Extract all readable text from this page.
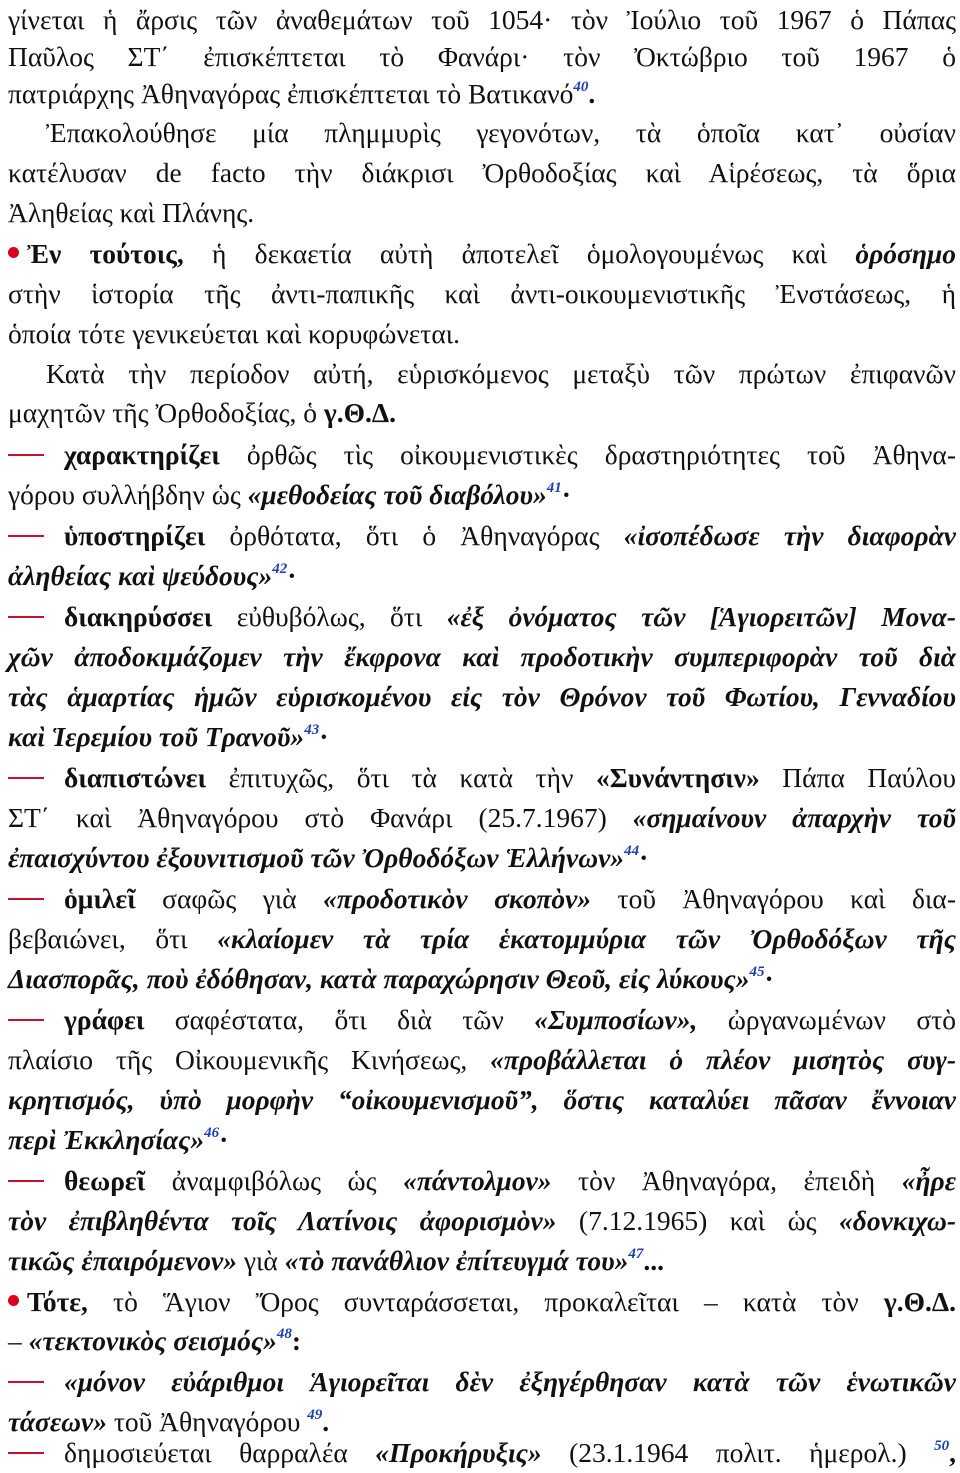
γίνεται ἡ ἄρσις τῶν ἀναθεμάτων τοῦ 1054· τὸν Ἰούλιο τοῦ 1967 ὁ Πάπας
Παῦλος ΣΤ΄ ἐπισκέπτεται τὸ Φανάρι· τὸν Ὀκτώβριο τοῦ 1967 ὁ
πατριάρχης Ἀθηναγόρας ἐπισκέπτεται τὸ Βατικανό$^{40}$.
Ἐπακολούθησε μία πλημμυρὶς γεγονότων, τὰ ὁποῖα κατ᾽ οὐσίαν
κατέλυσαν de facto τὴν διάκρισι Ὀρθοδοξίας καὶ Αἱρέσεως, τὰ ὅρια
Ἀληθείας καὶ Πλάνης.
Ἐν τούτοις, ἡ δεκαετία αὐτὴ ἀποτελεῖ ὁμολογουμένως καὶ ὁρόσημο
στὴν ἱστορία τῆς ἀντι-παπικῆς καὶ ἀντι-οικουμενιστικῆς Ἐνστάσεως, ἡ
ὁποία τότε γενικεύεται καὶ κορυφώνεται.
Κατὰ τὴν περίοδον αὐτή, εὑρισκόμενος μεταξὺ τῶν πρώτων ἐπιφανῶν
μαχητῶν τῆς Ὀρθοδοξίας, ὁ γ.Θ.Δ.
χαρακτηρίζει ὀρθῶς τὶς οἰκουμενιστικὲς δραστηριότητες τοῦ Ἀθηνα-
γόρου συλλήβδην ὡς «μεθοδείας τοῦ διαβόλου»$^{41}$·
ὑποστηρίζει ὀρθότατα, ὅτι ὁ Ἀθηναγόρας «ἰσοπέδωσε τὴν διαφορὰν
ἀληθείας καὶ ψεύδους»$^{42}$·
διακηρύσσει εὐθυβόλως, ὅτι «ἐξ ὀνόματος τῶν [Ἁγιορειτῶν] Μονα-
χῶν ἀποδοκιμάζομεν τὴν ἔκφρονα καὶ προδοτικὴν συμπεριφορὰν τοῦ διὰ
τὰς ἁμαρτίας ἡμῶν εὑρισκομένου εἰς τὸν Θρόνον τοῦ Φωτίου, Γενναδίου
καὶ Ἱερεμίου τοῦ Τρανοῦ»$^{43}$·
διαπιστώνει ἐπιτυχῶς, ὅτι τὰ κατὰ τὴν «Συνάντησιν» Πάπα Παύλου
ΣΤ΄ καὶ Ἀθηναγόρου στὸ Φανάρι (25.7.1967) «σημαίνουν ἀπαρχὴν τοῦ
ἐπαισχύντου ἐξουνιτισμοῦ τῶν Ὀρθοδόξων Ἑλλήνων»$^{44}$·
ὁμιλεῖ σαφῶς γιὰ «προδοτικὸν σκοπὸν» τοῦ Ἀθηναγόρου καὶ δια-
βεβαιώνει, ὅτι «κλαίομεν τὰ τρία ἑκατομμύρια τῶν Ὀρθοδόξων τῆς
Διασπορᾶς, ποὺ ἐδόθησαν, κατὰ παραχώρησιν Θεοῦ, εἰς λύκους»$^{45}$·
γράφει σαφέστατα, ὅτι διὰ τῶν «Συμποσίων», ὠργανωμένων στὸ
πλαίσιο τῆς Οἰκουμενικῆς Κινήσεως, «προβάλλεται ὁ πλέον μισητὸς συγ-
κρητισμός, ὑπὸ μορφὴν “οἰκουμενισμοῦ”, ὅστις καταλύει πᾶσαν ἔννοιαν
περὶ Ἐκκλησίας»$^{46}$·
θεωρεῖ ἀναμφιβόλως ὡς «πάντολμον» τὸν Ἀθηναγόρα, ἐπειδὴ «ἦρε
τὸν ἐπιβληθέντα τοῖς Λατίνοις ἀφορισμὸν» (7.12.1965) καὶ ὡς «δονκιχω-
τικῶς ἐπαιρόμενον» γιὰ «τὸ πανάθλιον ἐπίτευγμά του»$^{47}$...
Τότε, τὸ Ἅγιον Ὄρος συνταράσσεται, προκαλεῖται – κατὰ τὸν γ.Θ.Δ.
– «τεκτονικὸς σεισμός»$^{48}$:
«μόνον εὐάριθμοι Ἁγιορεῖται δὲν ἐξηγέρθησαν κατὰ τῶν ἑνωτικῶν
τάσεων» τοῦ Ἀθηναγόρου $^{49}$.
δημοσιεύεται θαρραλέα «Προκήρυξις» (23.1.1964 πολιτ. ἡμερολ.) $^{50}$,
